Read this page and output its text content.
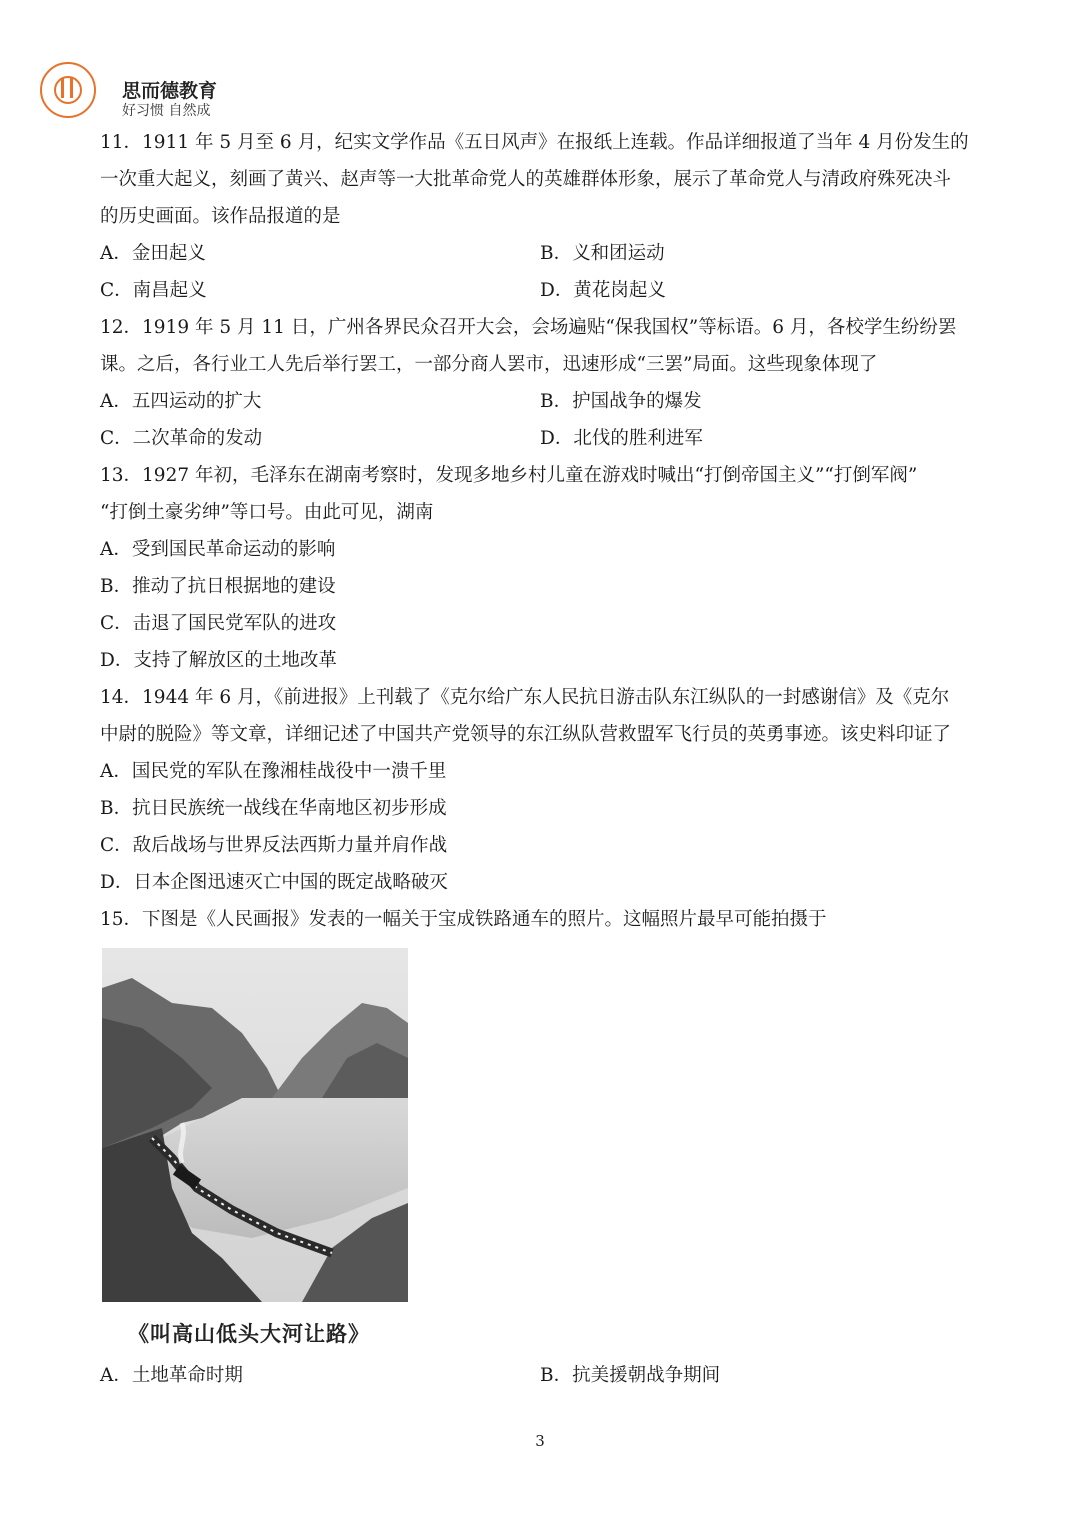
思而德教育
好习惯 自然成
11．1911 年 5 月至 6 月，纪实文学作品《五日风声》在报纸上连载。作品详细报道了当年 4 月份发生的
一次重大起义，刻画了黄兴、赵声等一大批革命党人的英雄群体形象，展示了革命党人与清政府殊死决斗
的历史画面。该作品报道的是
A．金田起义	B．义和团运动
C．南昌起义	D．黄花岗起义
12．1919 年 5 月 11 日，广州各界民众召开大会，会场遍贴“保我国权”等标语。6 月，各校学生纷纷罢
课。之后，各行业工人先后举行罢工，一部分商人罢市，迅速形成“三罢”局面。这些现象体现了
A．五四运动的扩大	B．护国战争的爆发
C．二次革命的发动	D．北伐的胜利进军
13．1927 年初，毛泽东在湖南考察时，发现多地乡村儿童在游戏时喊出“打倒帝国主义”“打倒军阀”
“打倒土豪劣绅”等口号。由此可见，湖南
A．受到国民革命运动的影响
B．推动了抗日根据地的建设
C．击退了国民党军队的进攻
D．支持了解放区的土地改革
14．1944 年 6 月，《前进报》上刊载了《克尔给广东人民抗日游击队东江纵队的一封感谢信》及《克尔
中尉的脱险》等文章，详细记述了中国共产党领导的东江纵队营救盟军飞行员的英勇事迹。该史料印证了
A．国民党的军队在豫湘桂战役中一溃千里
B．抗日民族统一战线在华南地区初步形成
C．敌后战场与世界反法西斯力量并肩作战
D．日本企图迅速灭亡中国的既定战略破灭
15．下图是《人民画报》发表的一幅关于宝成铁路通车的照片。这幅照片最早可能拍摄于
《叫高山低头大河让路》
A．土地革命时期	B．抗美援朝战争期间
3
